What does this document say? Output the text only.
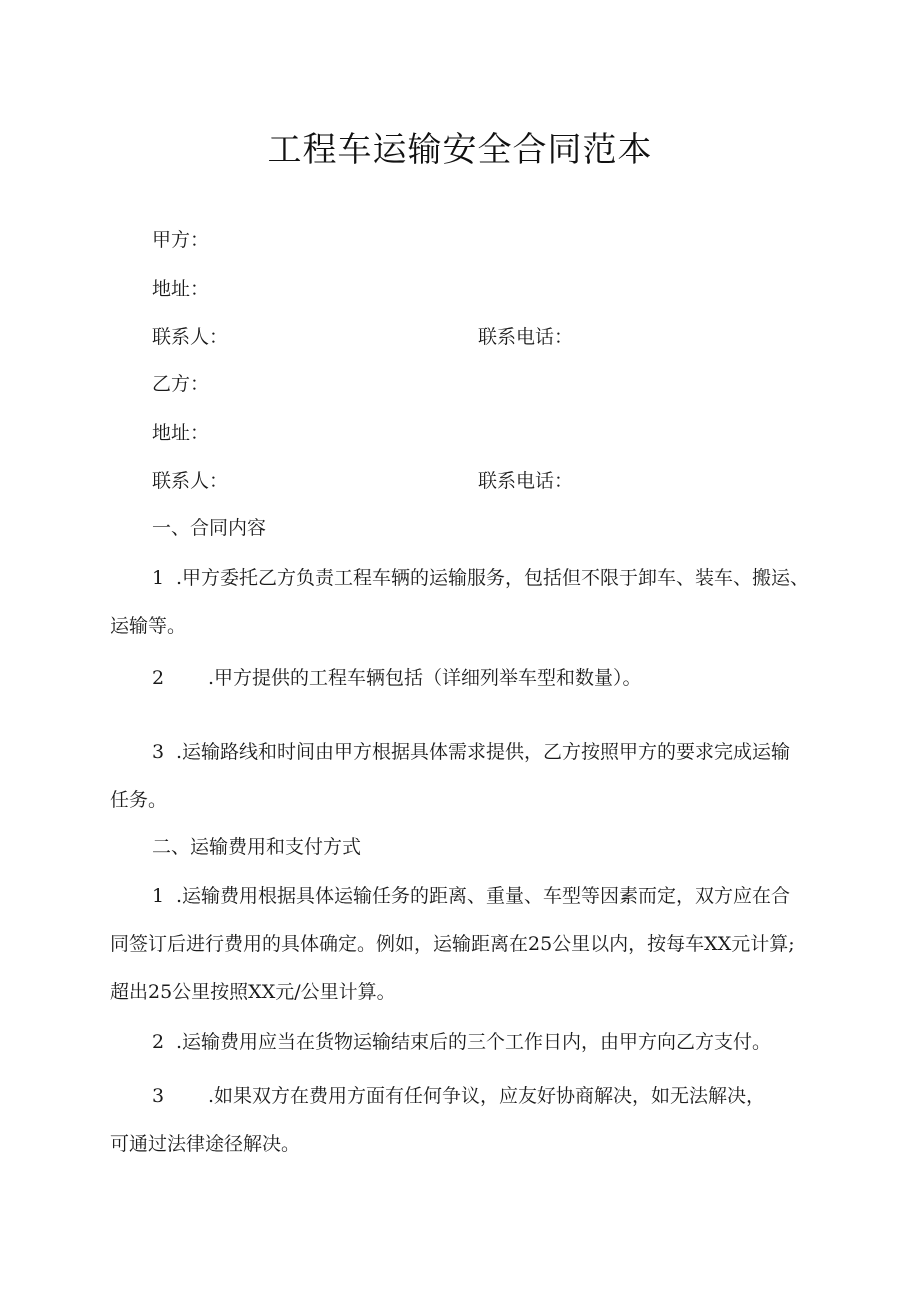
工程车运输安全合同范本
甲方：
地址：
联系人：	联系电话：
乙方：
地址：
联系人：	联系电话：
一、合同内容
1 .甲方委托乙方负责工程车辆的运输服务，包括但不限于卸车、装车、搬运、
运输等。
2 .甲方提供的工程车辆包括（详细列举车型和数量）。
3 .运输路线和时间由甲方根据具体需求提供，乙方按照甲方的要求完成运输
任务。
二、运输费用和支付方式
1 .运输费用根据具体运输任务的距离、重量、车型等因素而定，双方应在合
同签订后进行费用的具体确定。例如，运输距离在25公里以内，按每车XX元计算;
超出25公里按照XX元/公里计算。
2 .运输费用应当在货物运输结束后的三个工作日内，由甲方向乙方支付。
3 .如果双方在费用方面有任何争议，应友好协商解决，如无法解决，
可通过法律途径解决。
